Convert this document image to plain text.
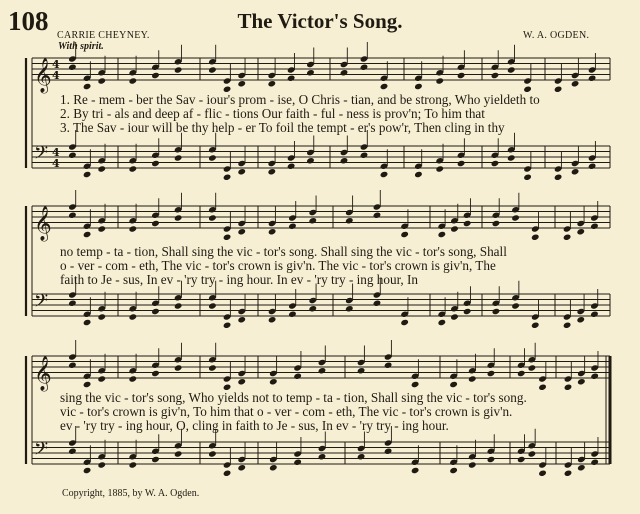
108	The Victor's Song.
CARRIE CHEYNEY.	W. A. OGDEN.
With spirit.
𝄞 4
4
𝄢 4
4
𝄞
𝄢
𝄞
𝄢
1. Re - mem - ber the Sav - iour's prom - ise, O Chris - tian, and be strong, Who yieldeth to
2. By tri - als and deep af - flic - tions Our faith - ful - ness is prov'n; To him that
3. The Sav - iour will be thy help - er To foil the tempt - er's pow'r, Then cling in thy
no temp - ta - tion, Shall sing the vic - tor's song. Shall sing the vic - tor's song, Shall
o - ver - com - eth, The vic - tor's crown is giv'n. The vic - tor's crown is giv'n, The
faith to Je - sus, In ev - 'ry try - ing hour. In ev - 'ry try - ing hour, In
sing the vic - tor's song, Who yields not to temp - ta - tion, Shall sing the vic - tor's song.
vic - tor's crown is giv'n, To him that o - ver - com - eth, The vic - tor's crown is giv'n.
ev - 'ry try - ing hour, O, cling in faith to Je - sus, In ev - 'ry try - ing hour.
Copyright, 1885, by W. A. Ogden.
